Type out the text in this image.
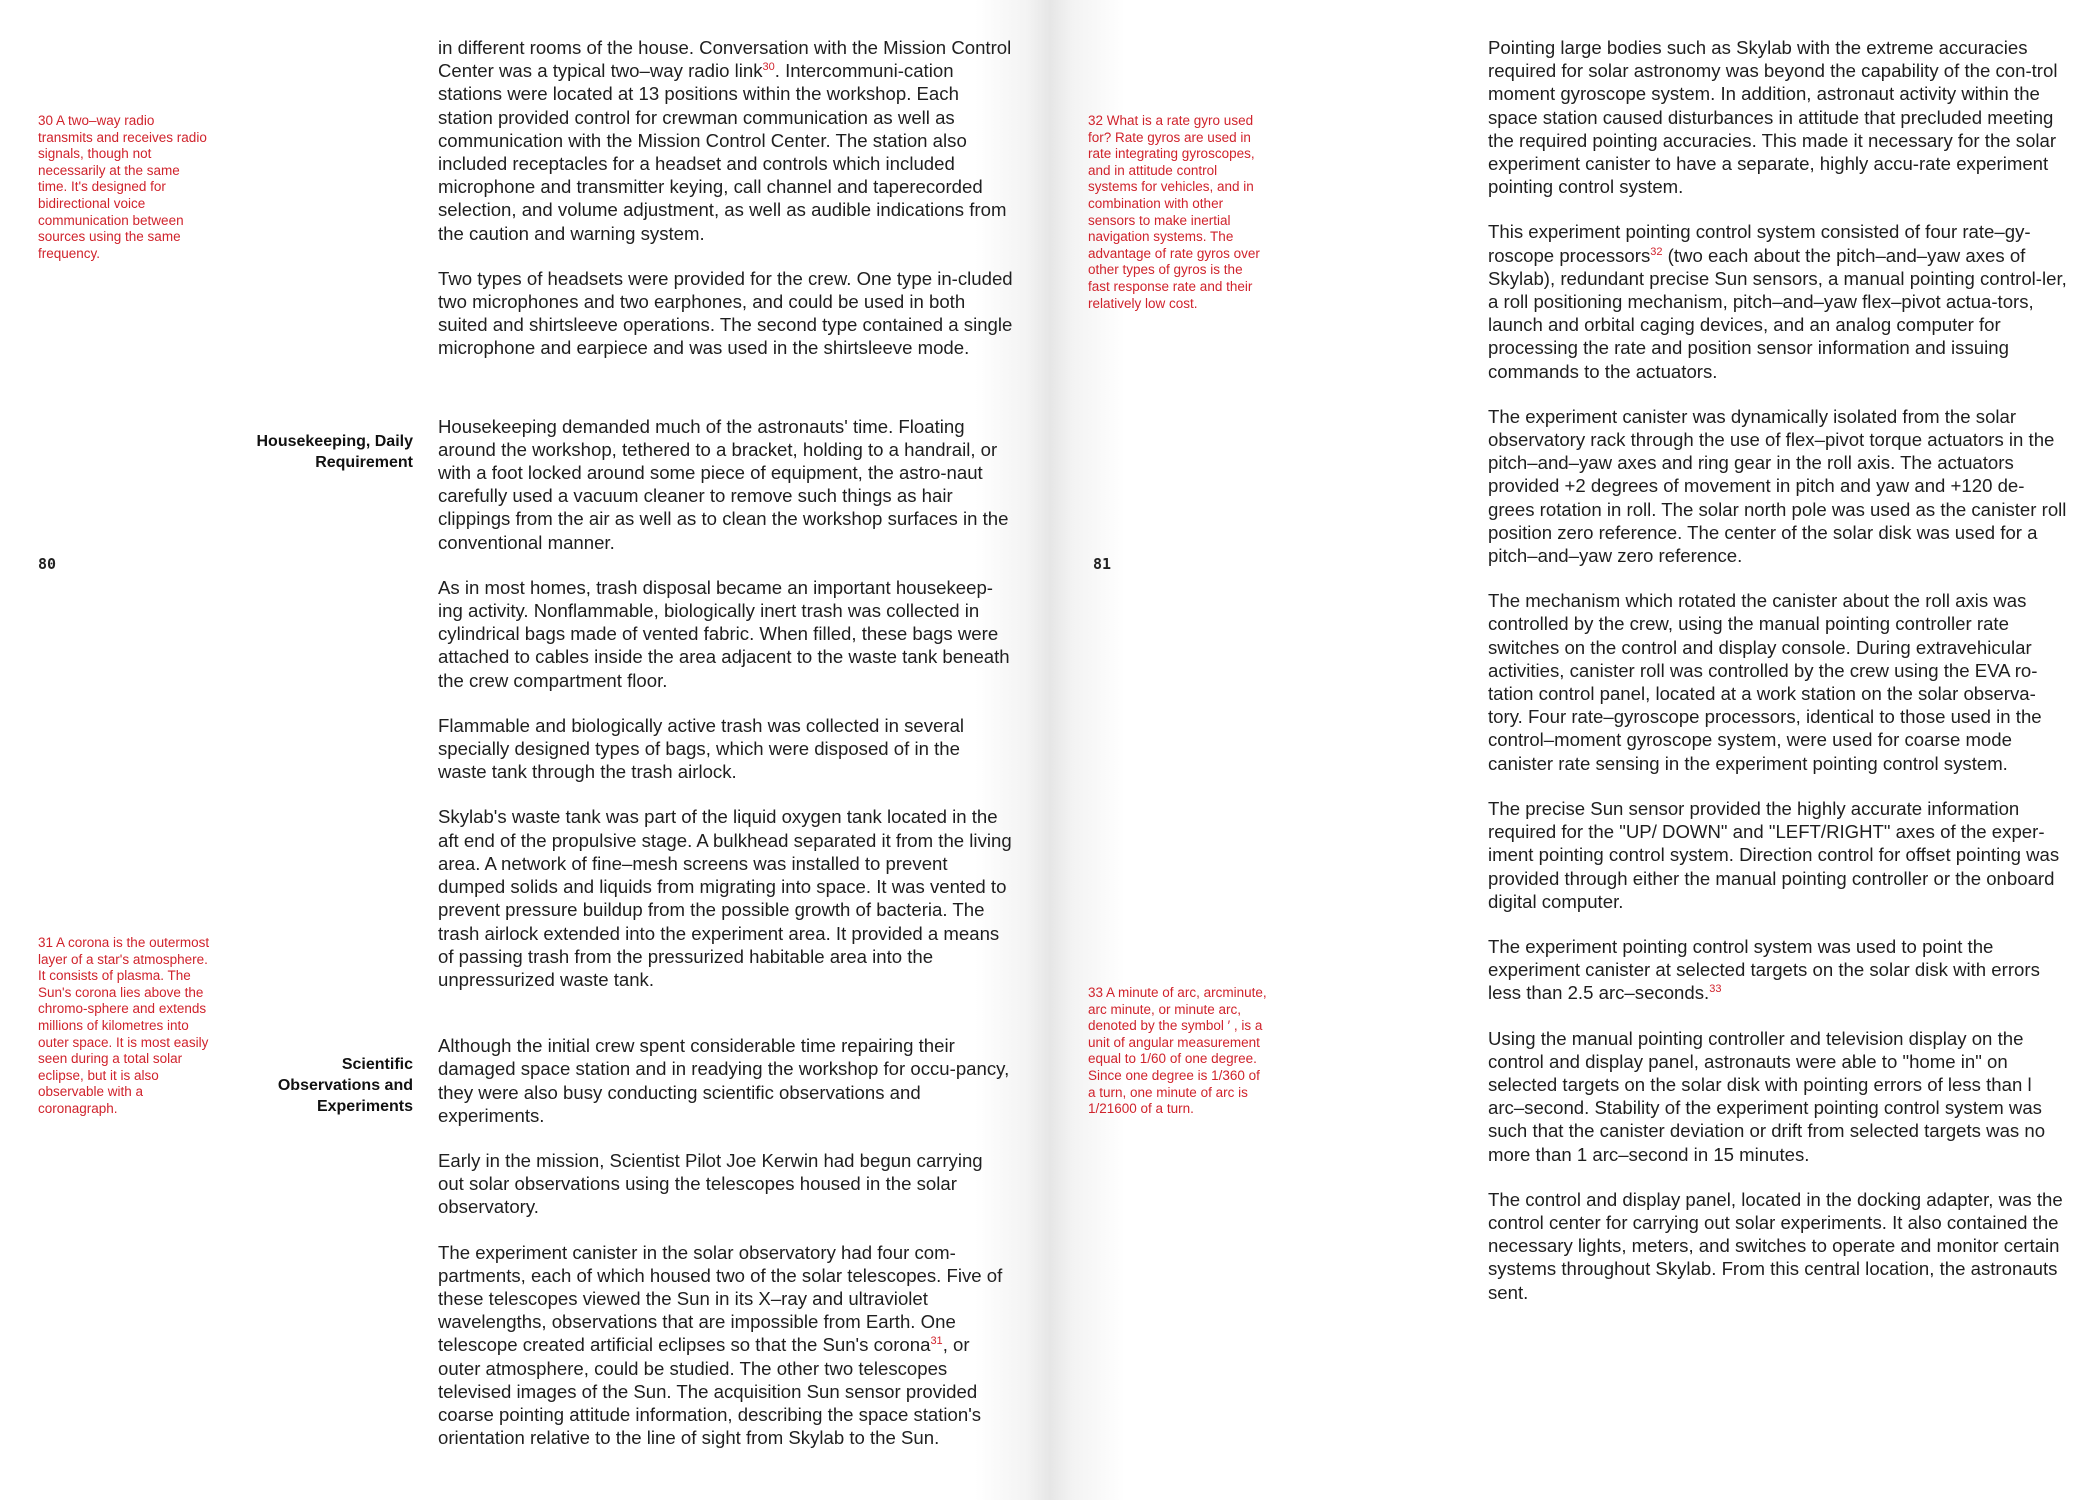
30 A two–way radio transmits and receives radio signals, though not necessarily at the same time. It's designed for bidirectional voice communication between sources using the same frequency.
31 A corona is the outermost layer of a star's atmosphere. It consists of plasma. The Sun's corona lies above the chromo-sphere and extends millions of kilometres into outer space. It is most easily seen during a total solar eclipse, but it is also observable with a coronagraph.
80
Housekeeping, Daily Requirement
Scientific Observations and Experiments

in different rooms of the house. Conversation with the Mission Control Center was a typical two–way radio link$^{30}$. Intercommuni-cation stations were located at 13 positions within the workshop. Each station provided control for crewman communication as well as communication with the Mission Control Center. The station also included receptacles for a headset and controls which included microphone and transmitter keying, call channel and taperecorded selection, and volume adjustment, as well as audible indications from the caution and warning system.

Two types of headsets were provided for the crew. One type in-cluded two microphones and two earphones, and could be used in both suited and shirtsleeve operations. The second type contained a single microphone and earpiece and was used in the shirtsleeve mode.

Housekeeping demanded much of the astronauts' time. Floating around the workshop, tethered to a bracket, holding to a handrail, or with a foot locked around some piece of equipment, the astro-naut carefully used a vacuum cleaner to remove such things as hair clippings from the air as well as to clean the workshop surfaces in the conventional manner.

As in most homes, trash disposal became an important housekeep-ing activity. Nonflammable, biologically inert trash was collected in cylindrical bags made of vented fabric. When filled, these bags were attached to cables inside the area adjacent to the waste tank beneath the crew compartment floor.

Flammable and biologically active trash was collected in several specially designed types of bags, which were disposed of in the waste tank through the trash airlock.

Skylab's waste tank was part of the liquid oxygen tank located in the aft end of the propulsive stage. A bulkhead separated it from the living area. A network of fine–mesh screens was installed to prevent dumped solids and liquids from migrating into space. It was vented to prevent pressure buildup from the possible growth of bacteria. The trash airlock extended into the experiment area. It provided a means of passing trash from the pressurized habitable area into the unpressurized waste tank.

Although the initial crew spent considerable time repairing their damaged space station and in readying the workshop for occu-pancy, they were also busy conducting scientific observations and experiments.

Early in the mission, Scientist Pilot Joe Kerwin had begun carrying out solar observations using the telescopes housed in the solar observatory.

The experiment canister in the solar observatory had four com-partments, each of which housed two of the solar telescopes. Five of these telescopes viewed the Sun in its X–ray and ultraviolet wavelengths, observations that are impossible from Earth. One telescope created artificial eclipses so that the Sun's corona$^{31}$, or outer atmosphere, could be studied. The other two telescopes televised images of the Sun. The acquisition Sun sensor provided coarse pointing attitude information, describing the space station's orientation relative to the line of sight from Skylab to the Sun.

32 What is a rate gyro used for? Rate gyros are used in rate integrating gyroscopes, and in attitude control systems for vehicles, and in combination with other sensors to make inertial navigation systems. The advantage of rate gyros over other types of gyros is the fast response rate and their relatively low cost.
33 A minute of arc, arcminute, arc minute, or minute arc, denoted by the symbol ′ , is a unit of angular measurement equal to 1/60 of one degree. Since one degree is 1/360 of a turn, one minute of arc is 1/21600 of a turn.
81

Pointing large bodies such as Skylab with the extreme accuracies required for solar astronomy was beyond the capability of the con-trol moment gyroscope system. In addition, astronaut activity within the space station caused disturbances in attitude that precluded meeting the required pointing accuracies. This made it necessary for the solar experiment canister to have a separate, highly accu-rate experiment pointing control system.

This experiment pointing control system consisted of four rate–gy-roscope processors$^{32}$ (two each about the pitch–and–yaw axes of Skylab), redundant precise Sun sensors, a manual pointing control-ler, a roll positioning mechanism, pitch–and–yaw flex–pivot actua-tors, launch and orbital caging devices, and an analog computer for processing the rate and position sensor information and issuing commands to the actuators.

The experiment canister was dynamically isolated from the solar observatory rack through the use of flex–pivot torque actuators in the pitch–and–yaw axes and ring gear in the roll axis. The actuators provided +2 degrees of movement in pitch and yaw and +120 de-grees rotation in roll. The solar north pole was used as the canister roll position zero reference. The center of the solar disk was used for a pitch–and–yaw zero reference.

The mechanism which rotated the canister about the roll axis was controlled by the crew, using the manual pointing controller rate switches on the control and display console. During extravehicular activities, canister roll was controlled by the crew using the EVA ro-tation control panel, located at a work station on the solar observa-tory. Four rate–gyroscope processors, identical to those used in the control–moment gyroscope system, were used for coarse mode canister rate sensing in the experiment pointing control system.

The precise Sun sensor provided the highly accurate information required for the "UP/ DOWN" and "LEFT/RIGHT" axes of the exper-iment pointing control system. Direction control for offset pointing was provided through either the manual pointing controller or the onboard digital computer.

The experiment pointing control system was used to point the experiment canister at selected targets on the solar disk with errors less than 2.5 arc–seconds.$^{33}$

Using the manual pointing controller and television display on the control and display panel, astronauts were able to "home in" on selected targets on the solar disk with pointing errors of less than l arc–second. Stability of the experiment pointing control system was such that the canister deviation or drift from selected targets was no more than 1 arc–second in 15 minutes.

The control and display panel, located in the docking adapter, was the control center for carrying out solar experiments. It also contained the necessary lights, meters, and switches to operate and monitor certain systems throughout Skylab. From this central location, the astronauts sent.
